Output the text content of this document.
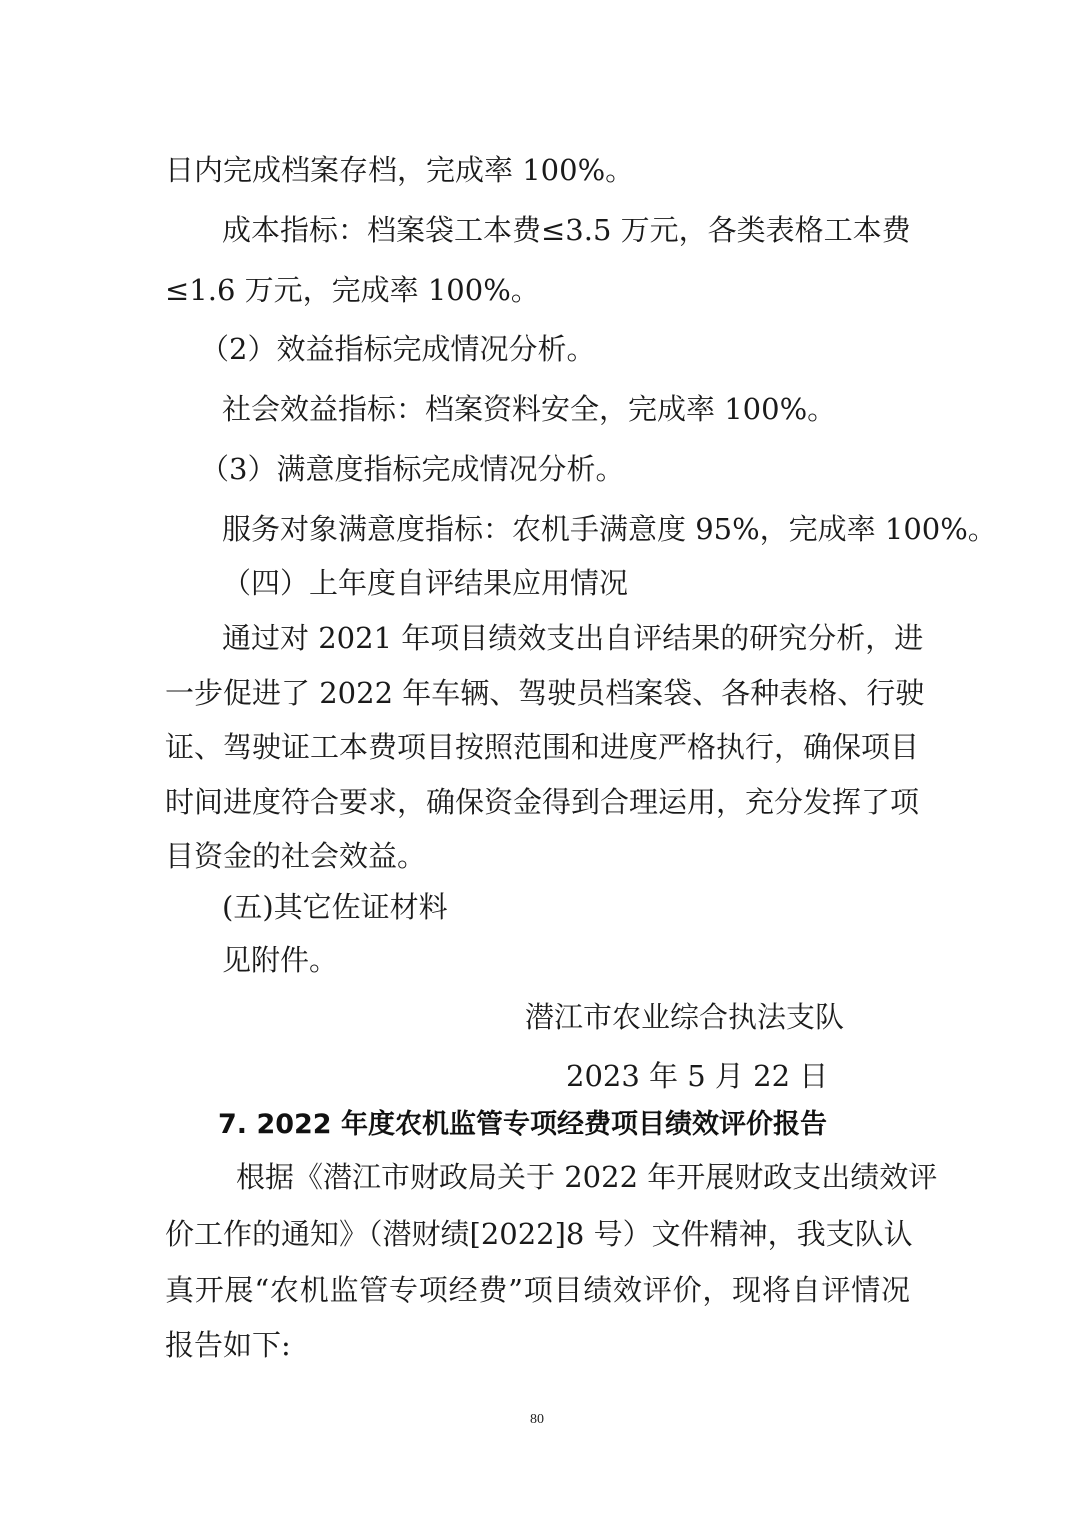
日内完成档案存档，完成率 100%。
成本指标：档案袋工本费≤3.5 万元，各类表格工本费
≤1.6 万元，完成率 100%。
（2）效益指标完成情况分析。
社会效益指标：档案资料安全，完成率 100%。
（3）满意度指标完成情况分析。
服务对象满意度指标：农机手满意度 95%，完成率 100%。
（四）上年度自评结果应用情况
通过对 2021 年项目绩效支出自评结果的研究分析，进
一步促进了 2022 年车辆、驾驶员档案袋、各种表格、行驶
证、驾驶证工本费项目按照范围和进度严格执行，确保项目
时间进度符合要求，确保资金得到合理运用，充分发挥了项
目资金的社会效益。
(五)其它佐证材料
见附件。
潜江市农业综合执法支队
2023 年 5 月 22 日
7. 2022 年度农机监管专项经费项目绩效评价报告
根据《潜江市财政局关于 2022 年开展财政支出绩效评
价工作的通知》（潜财绩[2022]8 号）文件精神，我支队认
真开展“农机监管专项经费”项目绩效评价，现将自评情况
报告如下:
80
